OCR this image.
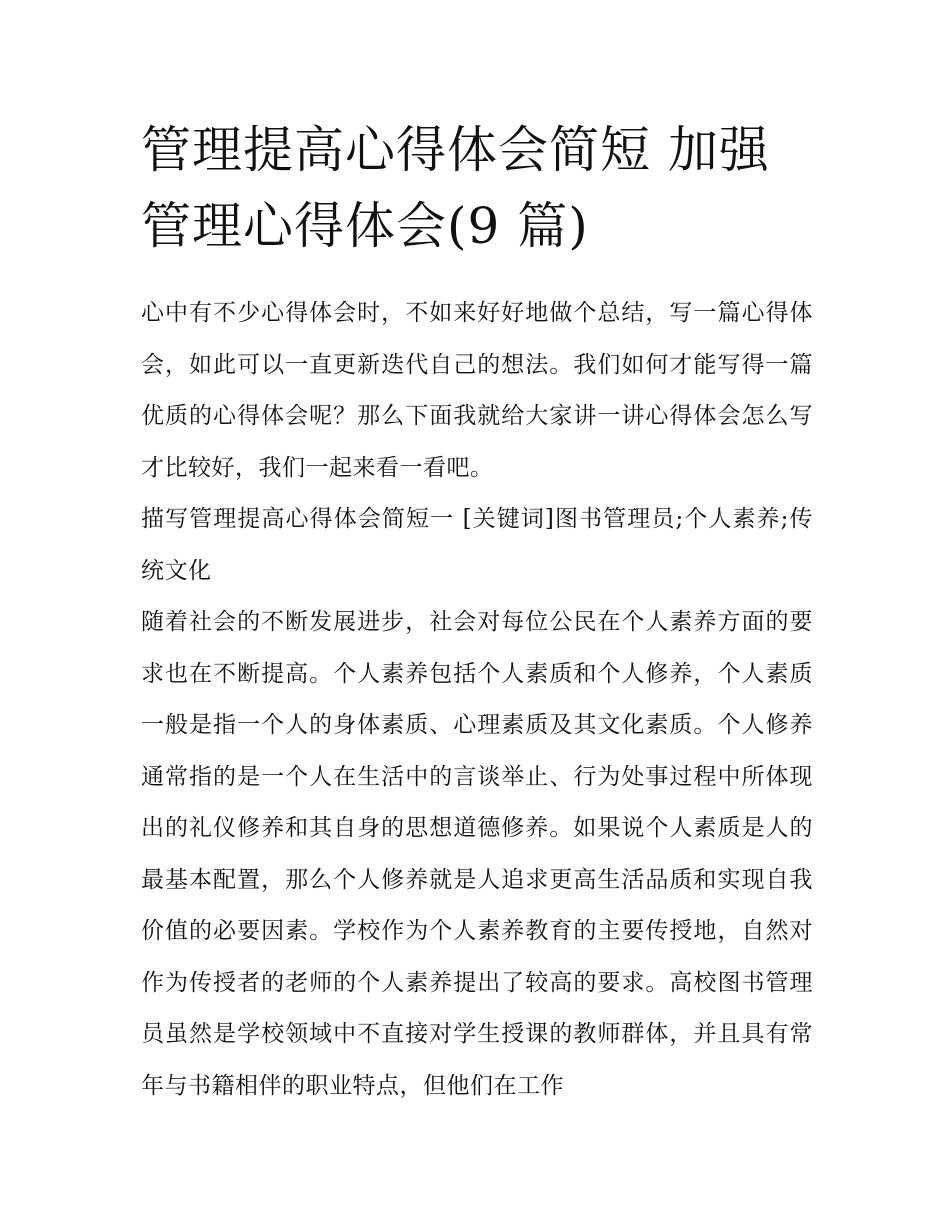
管理提高心得体会简短 加强管理心得体会(9 篇)

心中有不少心得体会时，不如来好好地做个总结，写一篇心得体会，如此可以一直更新迭代自己的想法。我们如何才能写得一篇优质的心得体会呢？那么下面我就给大家讲一讲心得体会怎么写才比较好，我们一起来看一看吧。

描写管理提高心得体会简短一 [关键词]图书管理员;个人素养;传统文化

随着社会的不断发展进步，社会对每位公民在个人素养方面的要求也在不断提高。个人素养包括个人素质和个人修养，个人素质一般是指一个人的身体素质、心理素质及其文化素质。个人修养通常指的是一个人在生活中的言谈举止、行为处事过程中所体现出的礼仪修养和其自身的思想道德修养。如果说个人素质是人的最基本配置，那么个人修养就是人追求更高生活品质和实现自我价值的必要因素。学校作为个人素养教育的主要传授地，自然对作为传授者的老师的个人素养提出了较高的要求。高校图书管理员虽然是学校领域中不直接对学生授课的教师群体，并且具有常年与书籍相伴的职业特点，但他们在工作
